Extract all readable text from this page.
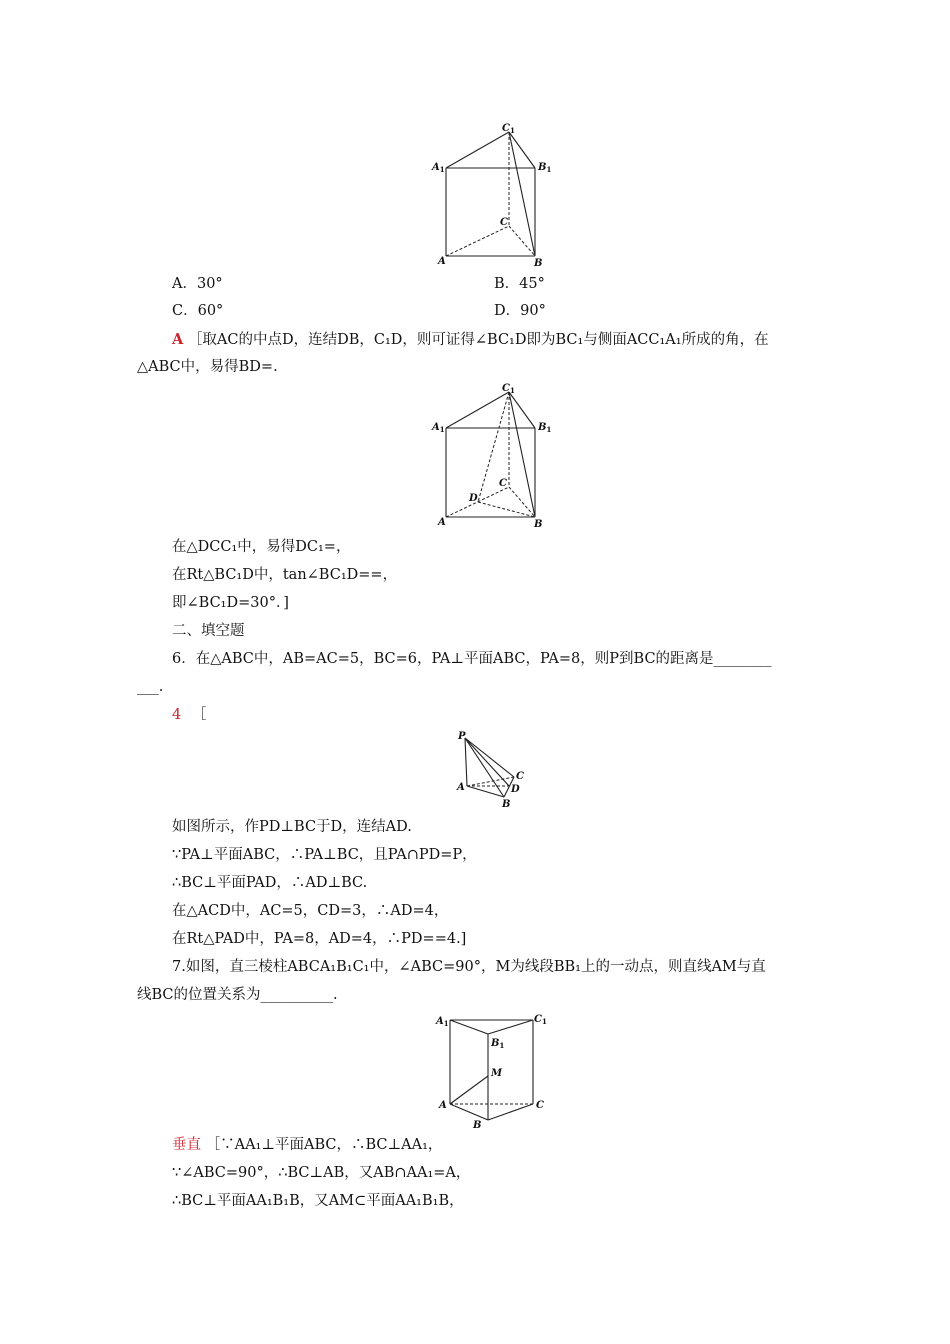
$C_1$
$A_1$	$B_1$
C
A	B
A．30°	B．45°
C．60°	D．90°
A ［取AC的中点D，连结DB，C₁D，则可证得∠BC₁D即为BC₁与侧面ACC₁A₁所成的角，在
△ABC中，易得BD=.
$C_1$
$A_1$	$B_1$
C
D
A	B
在△DCC₁中，易得DC₁=，
在Rt△BC₁D中，tan∠BC₁D==，
即∠BC₁D=30°．]
二、填空题
6．在△ABC中，AB=AC=5，BC=6，PA⊥平面ABC，PA=8，则P到BC的距离是________
___.
4 ［
P
A
C
D
B
如图所示，作PD⊥BC于D，连结AD.
∵PA⊥平面ABC，∴PA⊥BC，且PA∩PD=P，
∴BC⊥平面PAD，∴AD⊥BC.
在△ACD中，AC=5，CD=3，∴AD=4，
在Rt△PAD中，PA=8，AD=4，∴PD==4.]
7.如图，直三棱柱ABCA₁B₁C₁中，∠ABC=90°，M为线段BB₁上的一动点，则直线AM与直
线BC的位置关系为__________.
$A_1$	$C_1$
$B_1$
M
A	C
B
垂直 ［∵AA₁⊥平面ABC，∴BC⊥AA₁，
∵∠ABC=90°，∴BC⊥AB，又AB∩AA₁=A，
∴BC⊥平面AA₁B₁B，又AM⊂平面AA₁B₁B，
